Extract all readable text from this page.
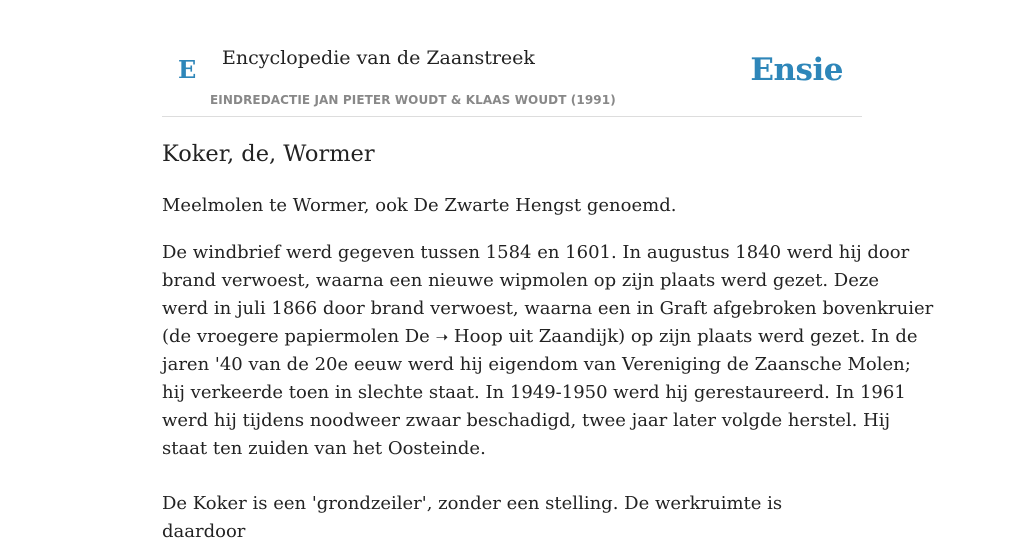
E Encyclopedie van de Zaanstreek
EINDREDACTIE JAN PIETER WOUDT & KLAAS WOUDT (1991)
Ensie
Koker, de, Wormer

Meelmolen te Wormer, ook De Zwarte Hengst genoemd.

De windbrief werd gegeven tussen 1584 en 1601. In augustus 1840 werd hij door
brand verwoest, waarna een nieuwe wipmolen op zijn plaats werd gezet. Deze
werd in juli 1866 door brand verwoest, waarna een in Graft afgebroken bovenkruier
(de vroegere papiermolen De ➝ Hoop uit Zaandijk) op zijn plaats werd gezet. In de
jaren '40 van de 20e eeuw werd hij eigendom van Vereniging de Zaansche Molen;
hij verkeerde toen in slechte staat. In 1949-1950 werd hij gerestaureerd. In 1961
werd hij tijdens noodweer zwaar beschadigd, twee jaar later volgde herstel. Hij
staat ten zuiden van het Oosteinde.

De Koker is een 'grondzeiler', zonder een stelling. De werkruimte is daardoor
